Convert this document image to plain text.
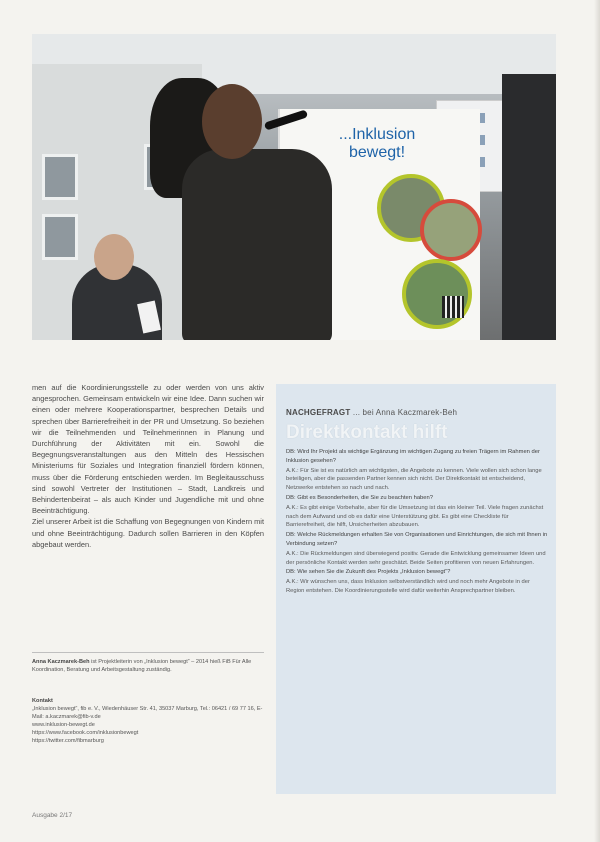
...Inklusion bewegt!

men auf die Koordinierungsstelle zu oder werden von uns aktiv angesprochen. Gemeinsam entwickeln wir eine Idee. Dann suchen wir einen oder mehrere Kooperationspartner, besprechen Details und sprechen über Barrierefreiheit in der PR und Umsetzung. So beziehen wir die Teilnehmenden und Teilnehmerinnen in Planung und Durchführung der Aktivitäten mit ein. Sowohl die Begegnungsveranstaltungen aus den Mitteln des Hessischen Ministeriums für Soziales und Integration finanziell fördern können, muss über die Förderung entschieden werden. Im Begleitausschuss sind sowohl Vertreter der Institutionen – Stadt, Landkreis und Behindertenbeirat – als auch Kinder und Jugendliche mit und ohne Beeinträchtigung.

Ziel unserer Arbeit ist die Schaffung von Begegnungen von Kindern mit und ohne Beeinträchtigung. Dadurch sollen Barrieren in den Köpfen abgebaut werden.

Anna Kaczmarek-Beh ist Projektleiterin von „Inklusion bewegt“ – 2014 hieß FiB Für Alle Koordination, Beratung und Arbeitsgestaltung zuständig.
Kontakt
„Inklusion bewegt“, fib e. V., Wiedenhäuser Str. 41, 35037 Marburg, Tel.: 06421 / 69 77 16, E-Mail: a.kaczmarek@fib-v.de
www.inklusion-bewegt.de
https://www.facebook.com/inklusionbewegt
https://twitter.com/fibmarburg
NACHGEFRAGT ... bei Anna Kaczmarek-Beh
Direktkontakt hilft

DB: Wird Ihr Projekt als wichtige Ergänzung im wichtigen Zugang zu freien Trägern im Rahmen der Inklusion gesehen?

A.K.: Für Sie ist es natürlich am wichtigsten, die Angebote zu kennen. Viele wollen sich schon lange beteiligen, aber die passenden Partner kennen sich nicht. Der Direktkontakt ist entscheidend, Netzwerke entstehen so nach und nach.

DB: Gibt es Besonderheiten, die Sie zu beachten haben?

A.K.: Es gibt einige Vorbehalte, aber für die Umsetzung ist das ein kleiner Teil. Viele fragen zunächst nach dem Aufwand und ob es dafür eine Unterstützung gibt. Es gibt eine Checkliste für Barrierefreiheit, die hilft, Unsicherheiten abzubauen.

DB: Welche Rückmeldungen erhalten Sie von Organisationen und Einrichtungen, die sich mit Ihnen in Verbindung setzen?

A.K.: Die Rückmeldungen sind überwiegend positiv. Gerade die Entwicklung gemeinsamer Ideen und der persönliche Kontakt werden sehr geschätzt. Beide Seiten profitieren von neuen Erfahrungen.

DB: Wie sehen Sie die Zukunft des Projekts „Inklusion bewegt“?

A.K.: Wir wünschen uns, dass Inklusion selbstverständlich wird und noch mehr Angebote in der Region entstehen. Die Koordinierungsstelle wird dafür weiterhin Ansprechpartner bleiben.

Ausgabe 2/17
